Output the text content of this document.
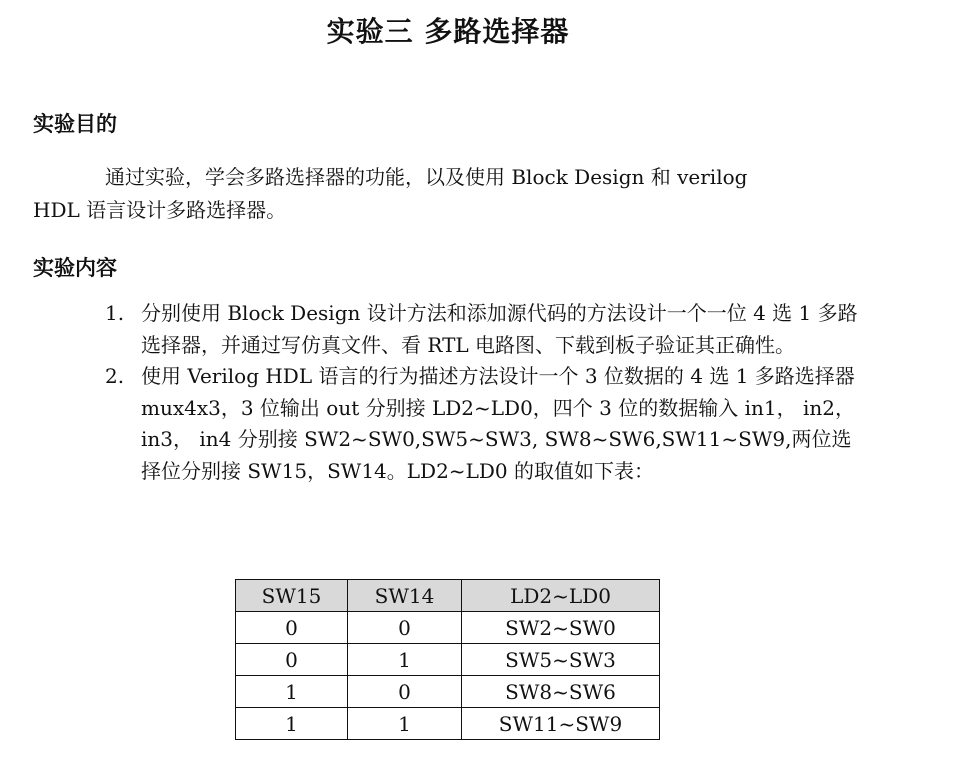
实验三 多路选择器
实验目的
通过实验，学会多路选择器的功能，以及使用 Block Design 和 verilog
HDL 语言设计多路选择器。
实验内容
1. 分别使用 Block Design 设计方法和添加源代码的方法设计一个一位 4 选 1 多路选择器，并通过写仿真文件、看 RTL 电路图、下载到板子验证其正确性。
2. 使用 Verilog HDL 语言的行为描述方法设计一个 3 位数据的 4 选 1 多路选择器 mux4x3，3 位输出 out 分别接 LD2~LD0，四个 3 位的数据输入 in1， in2， in3， in4 分别接 SW2~SW0,SW5~SW3, SW8~SW6,SW11~SW9,两位选择位分别接 SW15，SW14。LD2~LD0 的取值如下表：
SW15	SW14	LD2~LD0
0	0	SW2~SW0
0	1	SW5~SW3
1	0	SW8~SW6
1	1	SW11~SW9
